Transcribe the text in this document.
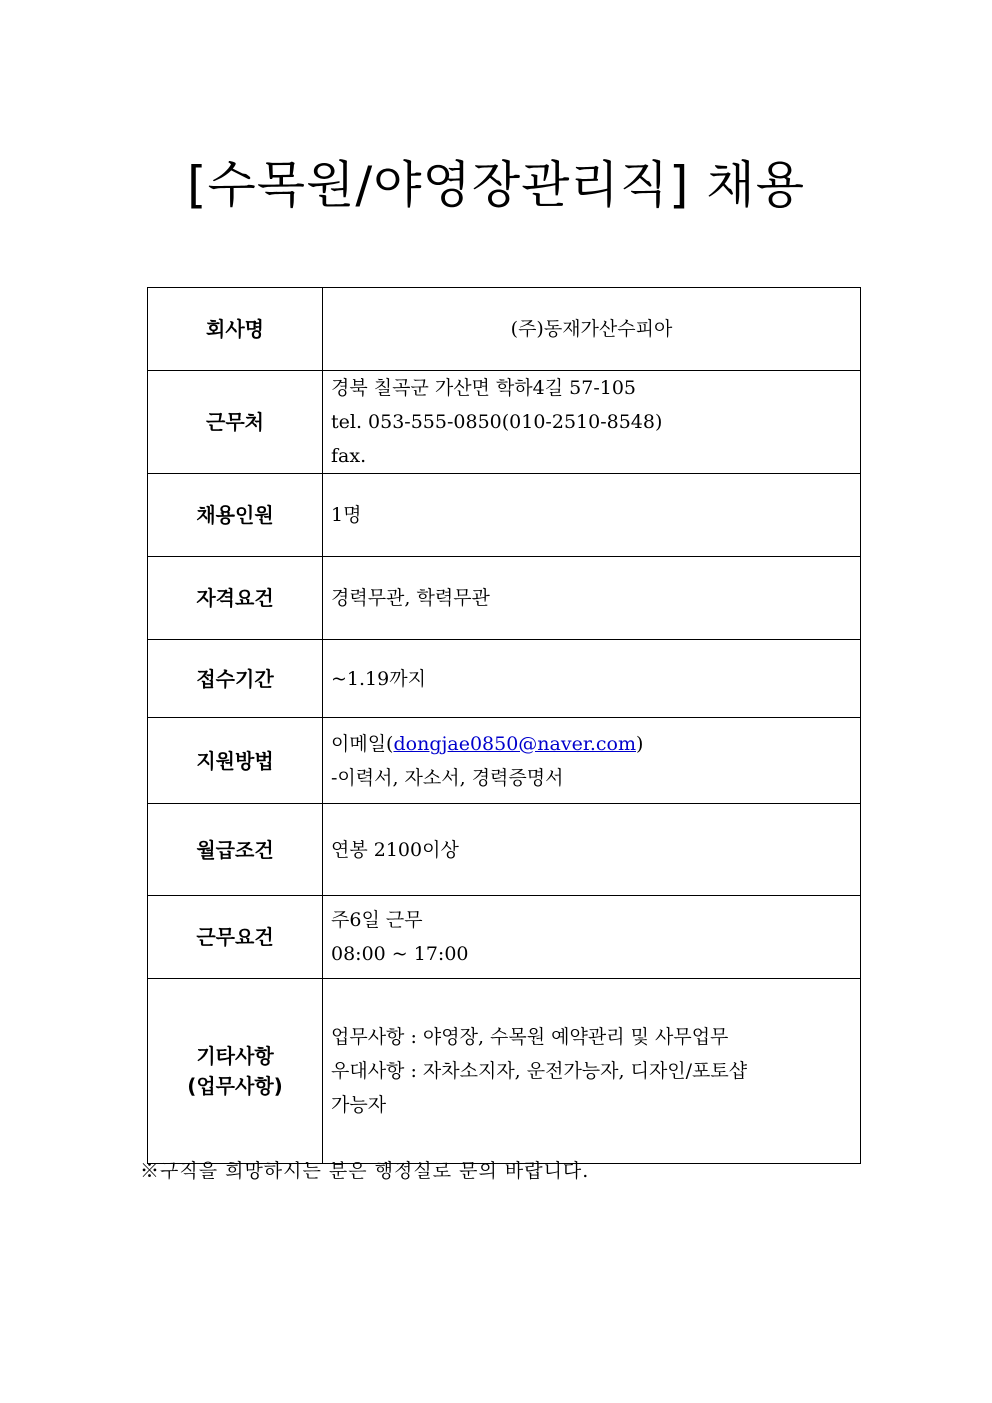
[수목원/야영장관리직] 채용
회사명	(주)동재가산수피아
근무처	경북 칠곡군 가산면 학하4길 57-105
tel. 053-555-0850(010-2510-8548)
fax.

채용인원	1명
자격요건	경력무관, 학력무관
접수기간	~1.19까지
지원방법	이메일(dongjae0850@naver.com)
-이력서, 자소서, 경력증명서

월급조건	연봉 2100이상
근무요건	주6일 근무
08:00 ~ 17:00

기타사항
(업무사항)	업무사항 : 야영장, 수목원 예약관리 및 사무업무
우대사항 : 자차소지자, 운전가능자, 디자인/포토샵
가능자
※구직을 희망하시는 분은 행정실로 문의 바랍니다.
